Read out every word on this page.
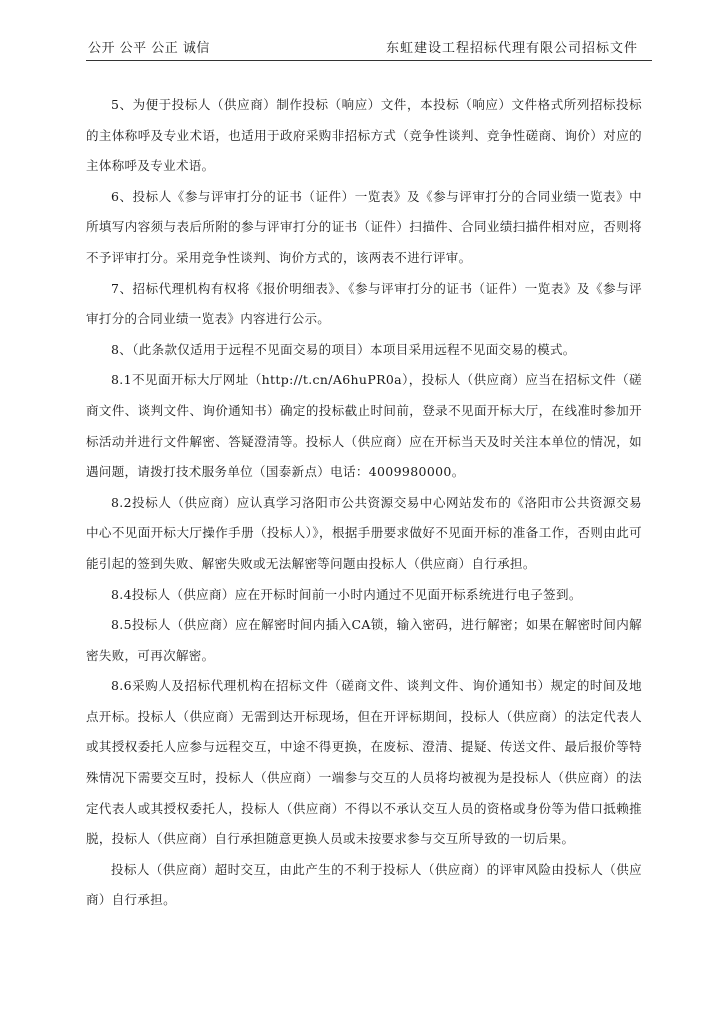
公开 公平 公正 诚信	东虹建设工程招标代理有限公司招标文件

5、为便于投标人（供应商）制作投标（响应）文件，本投标（响应）文件格式所列招标投标的主体称呼及专业术语，也适用于政府采购非招标方式（竞争性谈判、竞争性磋商、询价）对应的主体称呼及专业术语。

6、投标人《参与评审打分的证书（证件）一览表》及《参与评审打分的合同业绩一览表》中所填写内容须与表后所附的参与评审打分的证书（证件）扫描件、合同业绩扫描件相对应，否则将不予评审打分。采用竞争性谈判、询价方式的，该两表不进行评审。

7、招标代理机构有权将《报价明细表》、《参与评审打分的证书（证件）一览表》及《参与评审打分的合同业绩一览表》内容进行公示。

8、（此条款仅适用于远程不见面交易的项目）本项目采用远程不见面交易的模式。

8.1不见面开标大厅网址（http://t.cn/A6huPR0a），投标人（供应商）应当在招标文件（磋商文件、谈判文件、询价通知书）确定的投标截止时间前，登录不见面开标大厅，在线准时参加开标活动并进行文件解密、答疑澄清等。投标人（供应商）应在开标当天及时关注本单位的情况，如遇问题，请拨打技术服务单位（国泰新点）电话：4009980000。

8.2投标人（供应商）应认真学习洛阳市公共资源交易中心网站发布的《洛阳市公共资源交易中心不见面开标大厅操作手册（投标人）》，根据手册要求做好不见面开标的准备工作，否则由此可能引起的签到失败、解密失败或无法解密等问题由投标人（供应商）自行承担。

8.4投标人（供应商）应在开标时间前一小时内通过不见面开标系统进行电子签到。

8.5投标人（供应商）应在解密时间内插入CA锁，输入密码，进行解密；如果在解密时间内解密失败，可再次解密。

8.6采购人及招标代理机构在招标文件（磋商文件、谈判文件、询价通知书）规定的时间及地点开标。投标人（供应商）无需到达开标现场，但在开评标期间，投标人（供应商）的法定代表人或其授权委托人应参与远程交互，中途不得更换，在废标、澄清、提疑、传送文件、最后报价等特殊情况下需要交互时，投标人（供应商）一端参与交互的人员将均被视为是投标人（供应商）的法定代表人或其授权委托人，投标人（供应商）不得以不承认交互人员的资格或身份等为借口抵赖推脱，投标人（供应商）自行承担随意更换人员或未按要求参与交互所导致的一切后果。

投标人（供应商）超时交互，由此产生的不利于投标人（供应商）的评审风险由投标人（供应商）自行承担。
